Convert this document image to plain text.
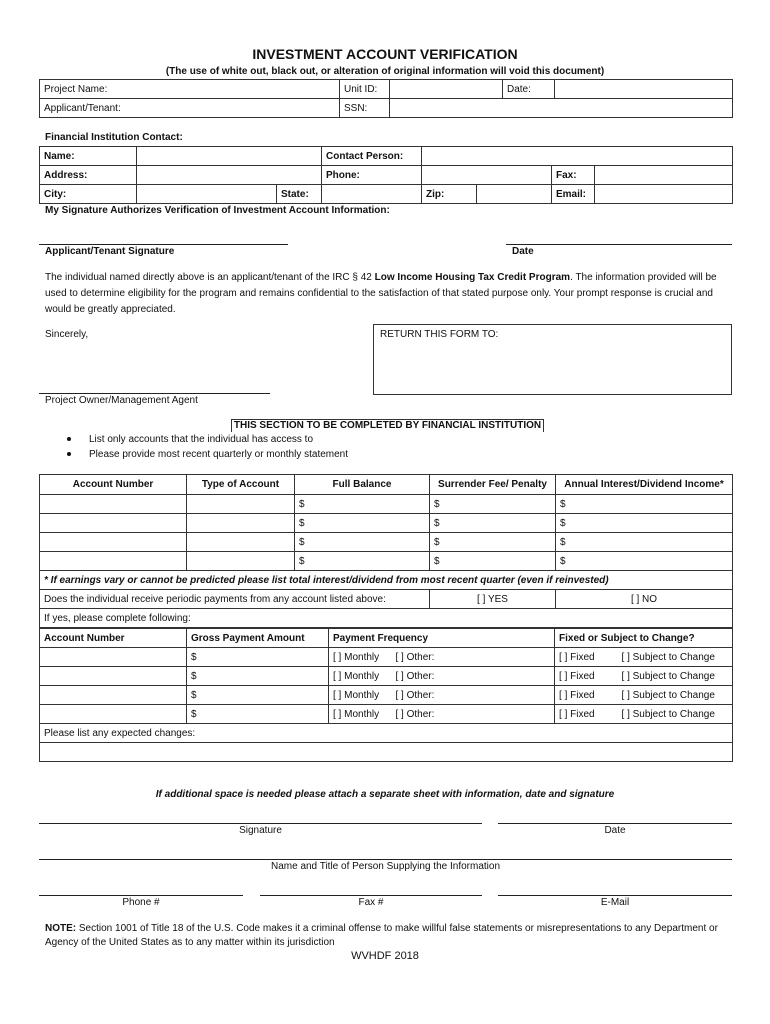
INVESTMENT ACCOUNT VERIFICATION
(The use of white out, black out, or alteration of original information will void this document)
Project Name:	Unit ID:		Date:	
Applicant/Tenant:	SSN:			
Financial Institution Contact:
Name:			Contact Person:				
Address:			Phone:			Fax:	
City:		State:		Zip:		Email:	
My Signature Authorizes Verification of Investment Account Information:
Applicant/Tenant Signature	Date
The individual named directly above is an applicant/tenant of the IRC § 42 Low Income Housing Tax Credit Program. The information provided will be used to determine eligibility for the program and remains confidential to the satisfaction of that stated purpose only. Your prompt response is crucial and would be greatly appreciated.
Sincerely,	RETURN THIS FORM TO:
Project Owner/Management Agent
THIS SECTION TO BE COMPLETED BY FINANCIAL INSTITUTION
List only accounts that the individual has access to
Please provide most recent quarterly or monthly statement
Account Number	Type of Account	Full Balance	Surrender Fee/ Penalty	Annual Interest/Dividend Income*
		$	$	$
		$	$	$
		$	$	$
		$	$	$
* If earnings vary or cannot be predicted please list total interest/dividend from most recent quarter (even if reinvested)				
Does the individual receive periodic payments from any account listed above:			[ ] YES	[ ] NO
If yes, please complete following:				
Account Number	Gross Payment Amount	Payment Frequency		Fixed or Subject to Change?	
	$	[ ] Monthly	[ ] Other:	[ ] Fixed	[ ] Subject to Change
	$	[ ] Monthly	[ ] Other:	[ ] Fixed	[ ] Subject to Change
	$	[ ] Monthly	[ ] Other:	[ ] Fixed	[ ] Subject to Change
	$	[ ] Monthly	[ ] Other:	[ ] Fixed	[ ] Subject to Change
Please list any expected changes:					

If additional space is needed please attach a separate sheet with information, date and signature
Signature	Date
Name and Title of Person Supplying the Information
Phone #	Fax #	E-Mail
NOTE: Section 1001 of Title 18 of the U.S. Code makes it a criminal offense to make willful false statements or misrepresentations to any Department or Agency of the United States as to any matter within its jurisdiction
WVHDF 2018
